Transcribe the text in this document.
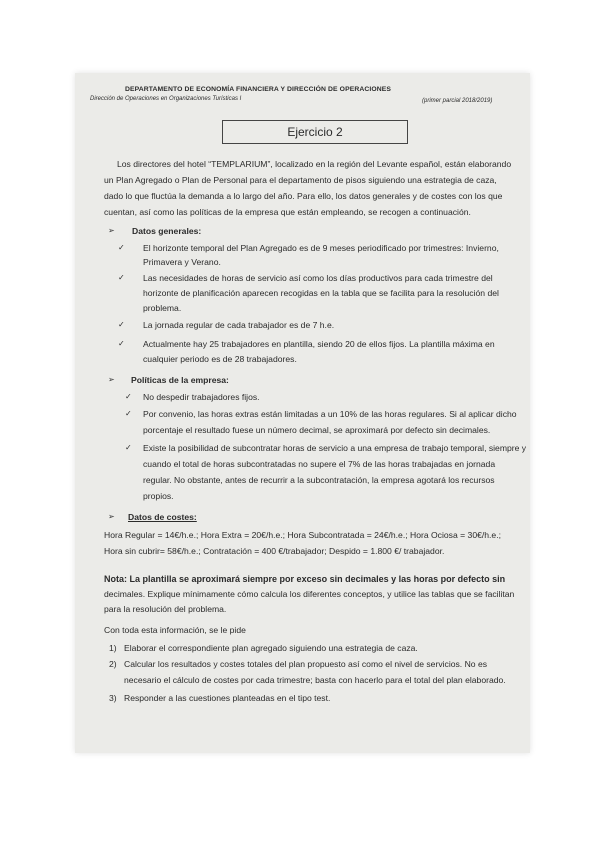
DEPARTAMENTO DE ECONOMÍA FINANCIERA Y DIRECCIÓN DE OPERACIONES
Dirección de Operaciones en Organizaciones Turísticas I	(primer parcial 2018/2019)
Ejercicio 2
Los directores del hotel “TEMPLARIUM”, localizado en la región del Levante español, están elaborando
un Plan Agregado o Plan de Personal para el departamento de pisos siguiendo una estrategia de caza,
dado lo que fluctúa la demanda a lo largo del año. Para ello, los datos generales y de costes con los que
cuentan, así como las políticas de la empresa que están empleando, se recogen a continuación.
➢ Datos generales:
✓ El horizonte temporal del Plan Agregado es de 9 meses periodificado por trimestres: Invierno,
Primavera y Verano.
✓ Las necesidades de horas de servicio así como los días productivos para cada trimestre del
horizonte de planificación aparecen recogidas en la tabla que se facilita para la resolución del
problema.
✓ La jornada regular de cada trabajador es de 7 h.e.
✓ Actualmente hay 25 trabajadores en plantilla, siendo 20 de ellos fijos. La plantilla máxima en
cualquier periodo es de 28 trabajadores.
➢ Políticas de la empresa:
✓ No despedir trabajadores fijos.
✓ Por convenio, las horas extras están limitadas a un 10% de las horas regulares. Si al aplicar dicho
porcentaje el resultado fuese un número decimal, se aproximará por defecto sin decimales.
✓ Existe la posibilidad de subcontratar horas de servicio a una empresa de trabajo temporal, siempre y
cuando el total de horas subcontratadas no supere el 7% de las horas trabajadas en jornada
regular. No obstante, antes de recurrir a la subcontratación, la empresa agotará los recursos
propios.
➢ Datos de costes:
Hora Regular = 14€/h.e.; Hora Extra = 20€/h.e.; Hora Subcontratada = 24€/h.e.; Hora Ociosa = 30€/h.e.;
Hora sin cubrir= 58€/h.e.; Contratación = 400 €/trabajador; Despido = 1.800 €/ trabajador.
Nota: La plantilla se aproximará siempre por exceso sin decimales y las horas por defecto sin
decimales. Explique mínimamente cómo calcula los diferentes conceptos, y utilice las tablas que se facilitan
para la resolución del problema.
Con toda esta información, se le pide
1) Elaborar el correspondiente plan agregado siguiendo una estrategia de caza.
2) Calcular los resultados y costes totales del plan propuesto así como el nivel de servicios. No es
necesario el cálculo de costes por cada trimestre; basta con hacerlo para el total del plan elaborado.
3) Responder a las cuestiones planteadas en el tipo test.
